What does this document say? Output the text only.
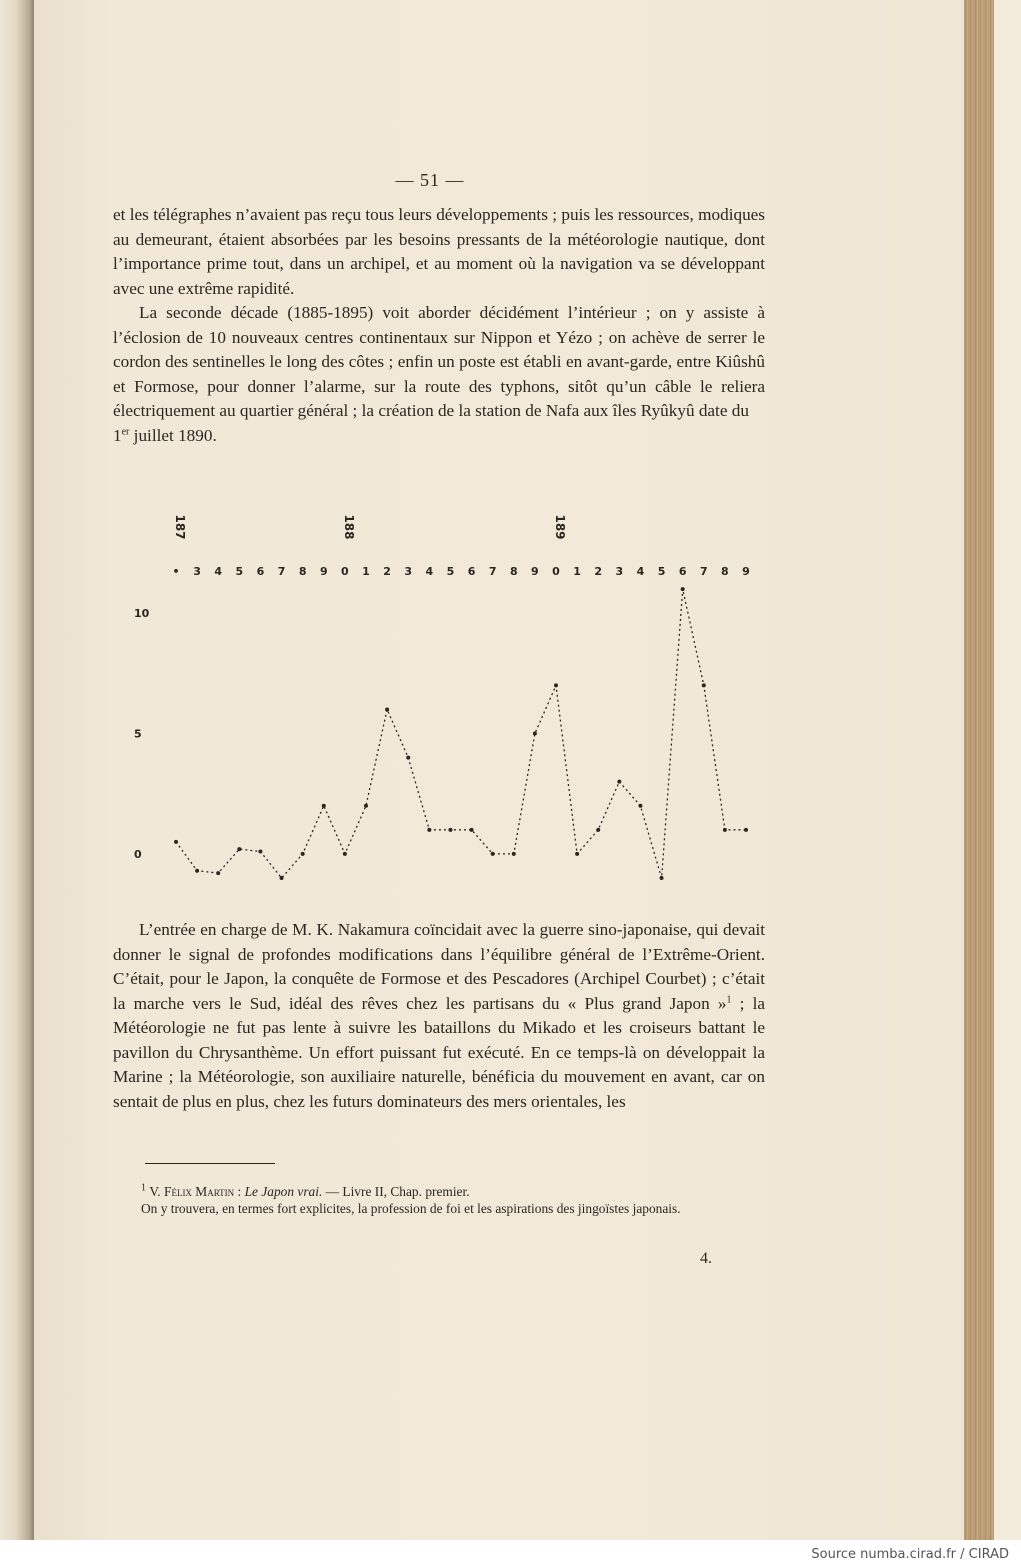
— 51 —

et les télégraphes n’avaient pas reçu tous leurs développements ; puis les ressources, modiques au demeurant, étaient absorbées par les besoins pressants de la météorologie nautique, dont l’importance prime tout, dans un archipel, et au moment où la navigation va se développant avec une extrême rapidité.

La seconde décade (1885-1895) voit aborder décidément l’intérieur ; on y assiste à l’éclosion de 10 nouveaux centres continentaux sur Nippon et Yézo ; on achève de serrer le cordon des sentinelles le long des côtes ; enfin un poste est établi en avant-garde, entre Kiûshû et Formose, pour donner l’alarme, sur la route des typhons, sitôt qu’un câble le reliera électriquement au quartier général ; la création de la station de Nafa aux îles Ryûkyû date du
1er juillet 1890.

187	188	189
• 3 4 5 6 7 8 9 0 1 2 3 4 5 6 7 8 9 0 1 2 3 4 5 6 7 8 9
0
5
10

L’entrée en charge de M. K. Nakamura coïncidait avec la guerre sino-japonaise, qui devait donner le signal de profondes modifications dans l’équilibre général de l’Extrême-Orient. C’était, pour le Japon, la conquête de Formose et des Pescadores (Archipel Courbet) ; c’était la marche vers le Sud, idéal des rêves chez les partisans du « Plus grand Japon »$^1$ ; la Météorologie ne fut pas lente à suivre les bataillons du Mikado et les croiseurs battant le pavillon du Chrysanthème. Un effort puissant fut exécuté. En ce temps-là on développait la Marine ; la Météorologie, son auxiliaire naturelle, bénéficia du mouvement en avant, car on sentait de plus en plus, chez les futurs dominateurs des mers orientales, les

$^1$ V. Félix Martin : Le Japon vrai. — Livre II, Chap. premier.
On y trouvera, en termes fort explicites, la profession de foi et les aspirations des jingoïstes japonais.
4.
Source numba.cirad.fr / CIRAD
